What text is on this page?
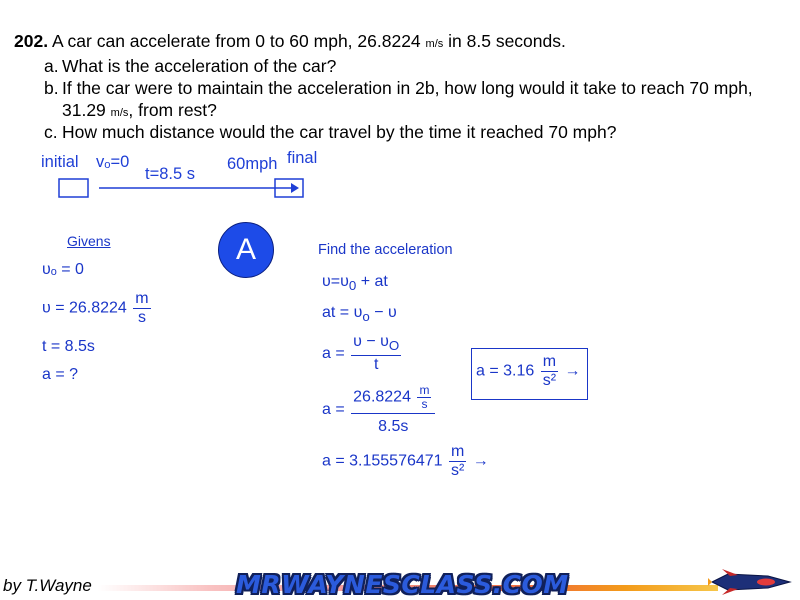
202. A car can accelerate from 0 to 60 mph, 26.8224 m/s in 8.5 seconds.
a. What is the acceleration of the car?
b. If the car were to maintain the acceleration in 2b, how long would it take to reach 70 mph,
31.29 m/s, from rest?
c. How much distance would the car travel by the time it reached 70 mph?
initial vₒ=0
t=8.5 s
60mph final
A
Givens
υₒ = 0
$\upsilon = 26.8224 \frac{m}{s}$
t = 8.5s
a = ?
Find the acceleration
$\upsilon=\upsilon_0$ + at
at = $\upsilon_o - \upsilon$
$a = \frac{\upsilon - \upsilon_O}{t}$
$a = \frac{26.8224 \frac{m}{s}}{8.5s}$
$a = 3.155576471 \frac{m}{\text{s²}}$ →
$a = 3.16 \frac{m}{\text{s²}}$ →
by T.Wayne	MRWAYNESCLASS.COM
